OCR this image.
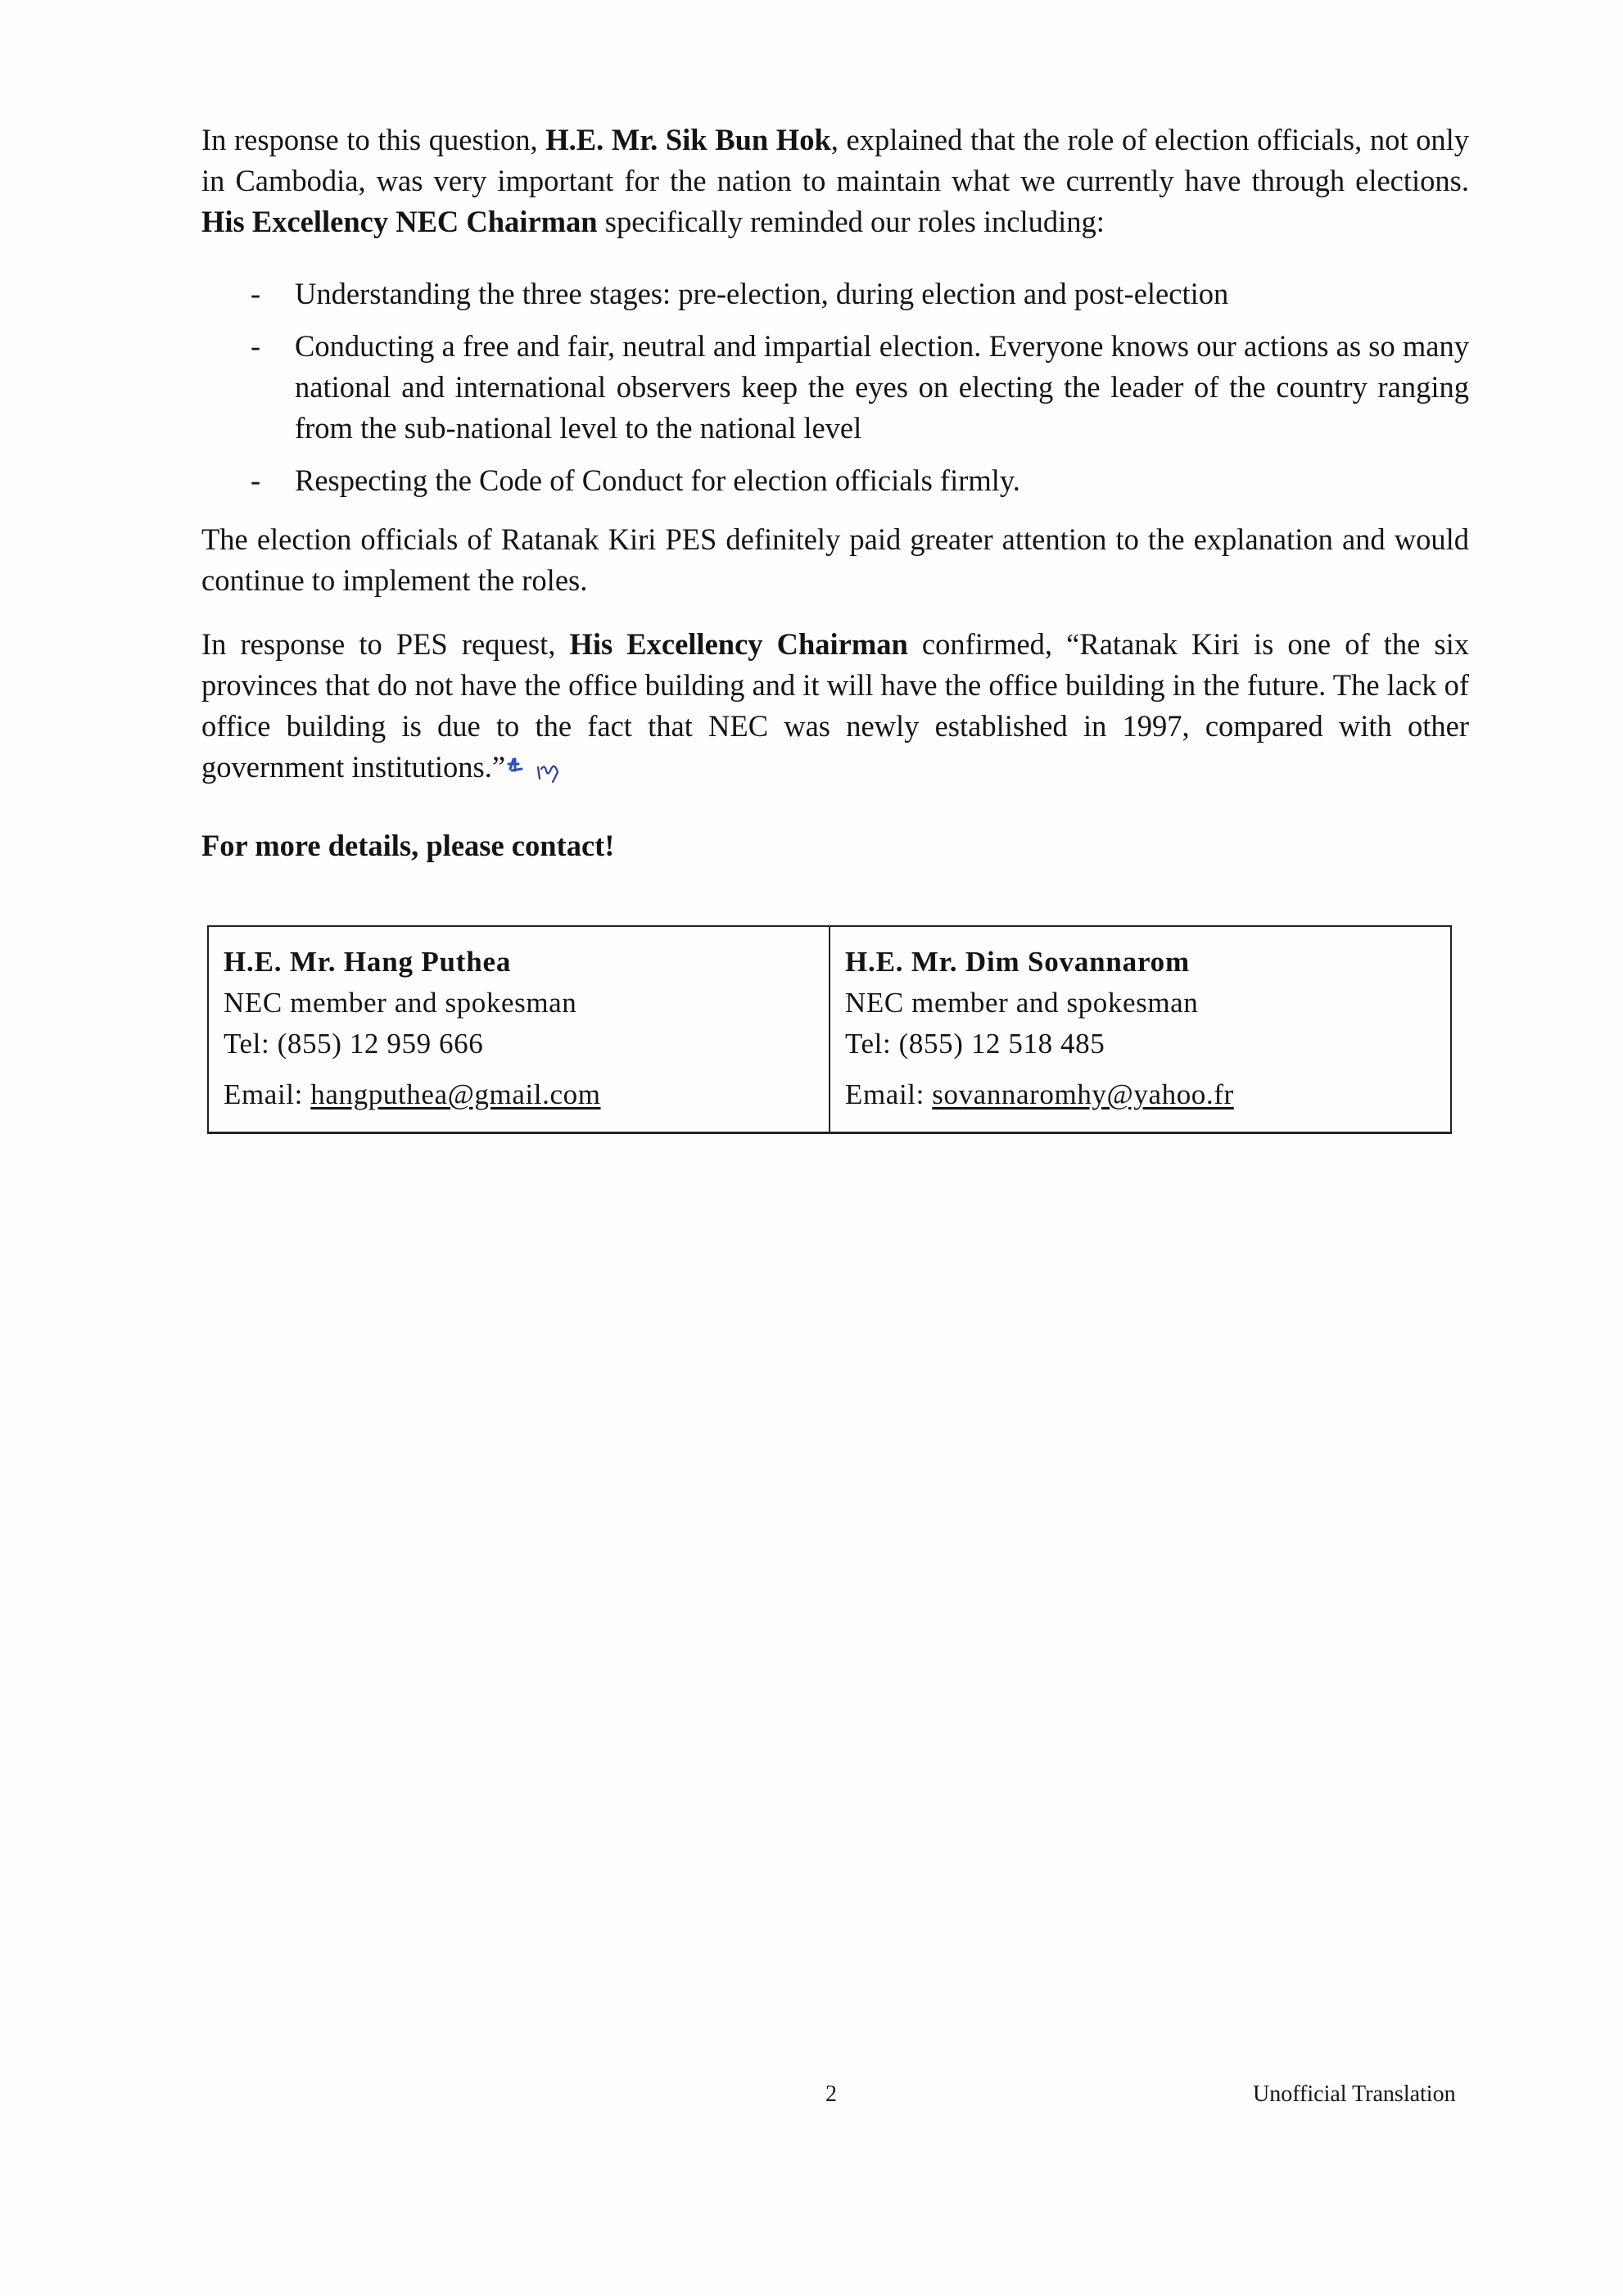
In response to this question, H.E. Mr. Sik Bun Hok, explained that the role of election officials, not only in Cambodia, was very important for the nation to maintain what we currently have through elections. His Excellency NEC Chairman specifically reminded our roles including:

- Understanding the three stages: pre-election, during election and post-election
- Conducting a free and fair, neutral and impartial election. Everyone knows our actions as so many national and international observers keep the eyes on electing the leader of the country ranging from the sub-national level to the national level
- Respecting the Code of Conduct for election officials firmly.

The election officials of Ratanak Kiri PES definitely paid greater attention to the explanation and would continue to implement the roles.

In response to PES request, His Excellency Chairman confirmed, “Ratanak Kiri is one of the six provinces that do not have the office building and it will have the office building in the future. The lack of office building is due to the fact that NEC was newly established in 1997, compared with other government institutions.”

For more details, please contact!

H.E. Mr. Hang Puthea
NEC member and spokesman
Tel: (855) 12 959 666
Email: hangputhea@gmail.com

H.E. Mr. Dim Sovannarom
NEC member and spokesman
Tel: (855) 12 518 485
Email: sovannaromhy@yahoo.fr
2	Unofficial Translation
